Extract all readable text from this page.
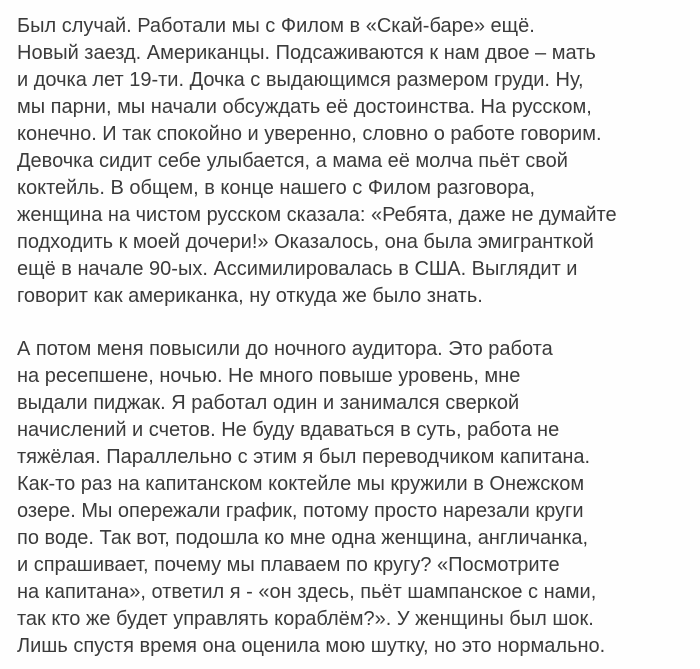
Был случай. Работали мы с Филом в «Скай-баре» ещё.
Новый заезд. Американцы. Подсаживаются к нам двое – мать
и дочка лет 19-ти. Дочка с выдающимся размером груди. Ну,
мы парни, мы начали обсуждать её достоинства. На русском,
конечно. И так спокойно и уверенно, словно о работе говорим.
Девочка сидит себе улыбается, а мама её молча пьёт свой
коктейль. В общем, в конце нашего с Филом разговора,
женщина на чистом русском сказала: «Ребята, даже не думайте
подходить к моей дочери!» Оказалось, она была эмигранткой
ещё в начале 90-ых. Ассимилировалась в США. Выглядит и
говорит как американка, ну откуда же было знать.

А потом меня повысили до ночного аудитора. Это работа
на ресепшене, ночью. Не много повыше уровень, мне
выдали пиджак. Я работал один и занимался сверкой
начислений и счетов. Не буду вдаваться в суть, работа не
тяжёлая. Параллельно с этим я был переводчиком капитана.
Как-то раз на капитанском коктейле мы кружили в Онежском
озере. Мы опережали график, потому просто нарезали круги
по воде. Так вот, подошла ко мне одна женщина, англичанка,
и спрашивает, почему мы плаваем по кругу? «Посмотрите
на капитана», ответил я - «он здесь, пьёт шампанское с нами,
так кто же будет управлять кораблём?». У женщины был шок.
Лишь спустя время она оценила мою шутку, но это нормально.
